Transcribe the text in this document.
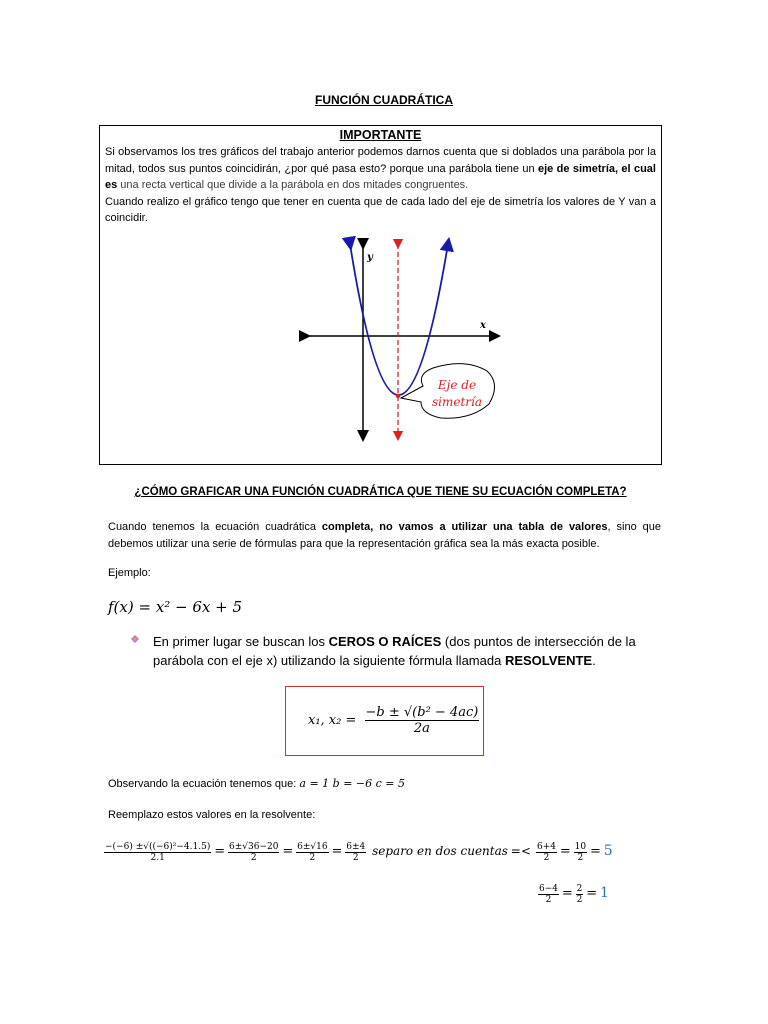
FUNCIÓN CUADRÁTICA
IMPORTANTE

Si observamos los tres gráficos del trabajo anterior podemos darnos cuenta que si doblados una parábola por la mitad, todos sus puntos coincidirán, ¿por qué pasa esto? porque una parábola tiene un eje de simetría, el cual es una recta vertical que divide a la parábola en dos mitades congruentes.

Cuando realizo el gráfico tengo que tener en cuenta que de cada lado del eje de simetría los valores de Y van a coincidir.

y
x
Eje de
simetría
¿CÓMO GRAFICAR UNA FUNCIÓN CUADRÁTICA QUE TIENE SU ECUACIÓN COMPLETA?

Cuando tenemos la ecuación cuadrática completa, no vamos a utilizar una tabla de valores, sino que debemos utilizar una serie de fórmulas para que la representación gráfica sea la más exacta posible.

Ejemplo:
f(x) = x² − 6x + 5
En primer lugar se buscan los CEROS O RAÍCES (dos puntos de intersección de la parábola con el eje x) utilizando la siguiente fórmula llamada RESOLVENTE.
x₁, $x_2 = \frac{\text{−b ± √(b² − 4ac)}}{2a}$
Observando la ecuación tenemos que: a = 1 b = −6 c = 5
Reemplazo estos valores en la resolvente:
$\frac{\text{−(−6) ±√((−6)²−4.1.5)}}{2.1} = \frac{6\pm√36-20}{2} = \frac{6\pm√16}{2} = \frac{6\pm 4}{2}$ separo en dos cuentas =< $\frac{6+4}{2} = \frac{10}{2} = 5$
$\frac{6-4}{2} = \frac{2}{2} = 1$
